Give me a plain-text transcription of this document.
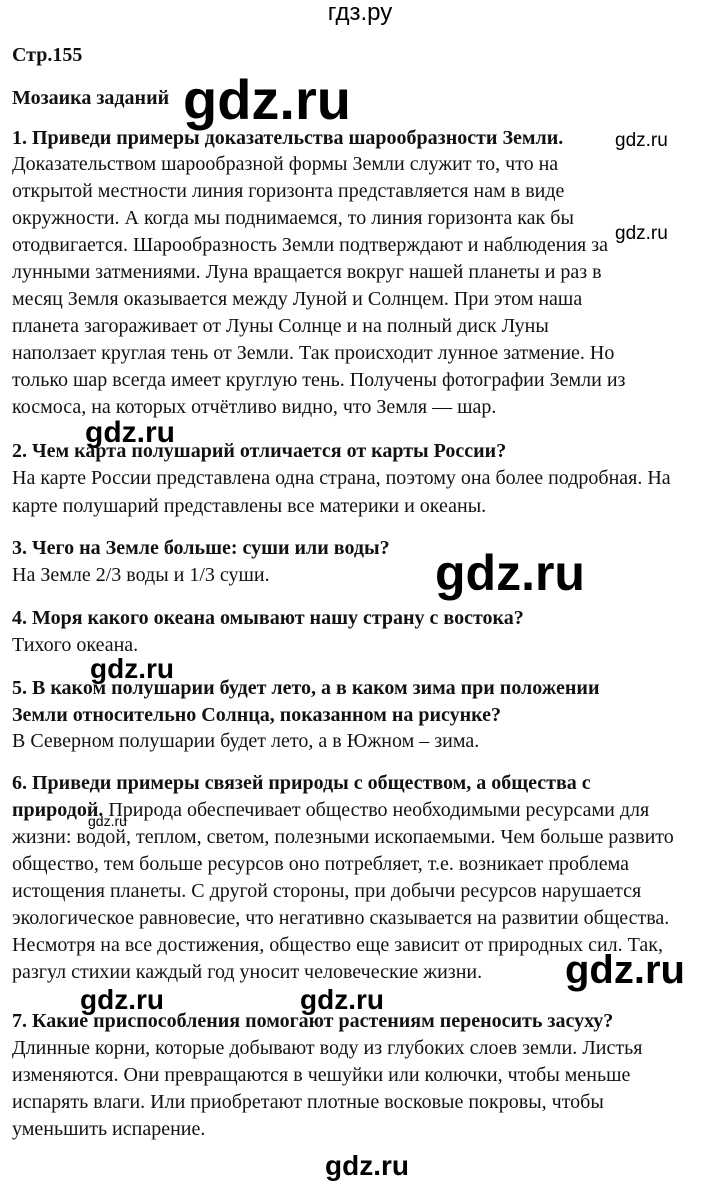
гдз.ру
Стр.155
Мозаика заданий gdz.ru
1. Приведи примеры доказательства шарообразности Земли.	gdz.ru
Доказательством шарообразной формы Земли служит то, что на
открытой местности линия горизонта представляется нам в виде
окружности. А когда мы поднимаемся, то линия горизонта как бы
gdz.ru
отодвигается. Шарообразность Земли подтверждают и наблюдения за
лунными затмениями. Луна вращается вокруг нашей планеты и раз в
месяц Земля оказывается между Луной и Солнцем. При этом наша
планета загораживает от Луны Солнце и на полный диск Луны
наползает круглая тень от Земли. Так происходит лунное затмение. Но
только шар всегда имеет круглую тень. Получены фотографии Земли из
космоса, на которых отчётливо видно, что Земля — шар.
gdz.ru
2. Чем карта полушарий отличается от карты России?
На карте России представлена одна страна, поэтому она более подробная. На
карте полушарий представлены все материки и океаны.
3. Чего на Земле больше: суши или воды?
На Земле 2/3 воды и 1/3 суши.	gdz.ru
4. Моря какого океана омывают нашу страну с востока?
Тихого океана.
gdz.ru
5. В каком полушарии будет лето, а в каком зима при положении
Земли относительно Солнца, показанном на рисунке?
В Северном полушарии будет лето, а в Южном – зима.
6. Приведи примеры связей природы с обществом, а общества с
природой. Природа обеспечивает общество необходимыми ресурсами для
gdz.ru
жизни: водой, теплом, светом, полезными ископаемыми. Чем больше развито
общество, тем больше ресурсов оно потребляет, т.е. возникает проблема
истощения планеты. С другой стороны, при добычи ресурсов нарушается
экологическое равновесие, что негативно сказывается на развитии общества.
Несмотря на все достижения, общество еще зависит от природных сил. Так,
разгул стихии каждый год уносит человеческие жизни. gdz.ru
gdz.ru	gdz.ru
7. Какие приспособления помогают растениям переносить засуху?
Длинные корни, которые добывают воду из глубоких слоев земли. Листья
изменяются. Они превращаются в чешуйки или колючки, чтобы меньше
испарять влаги. Или приобретают плотные восковые покровы, чтобы
уменьшить испарение.
gdz.ru
